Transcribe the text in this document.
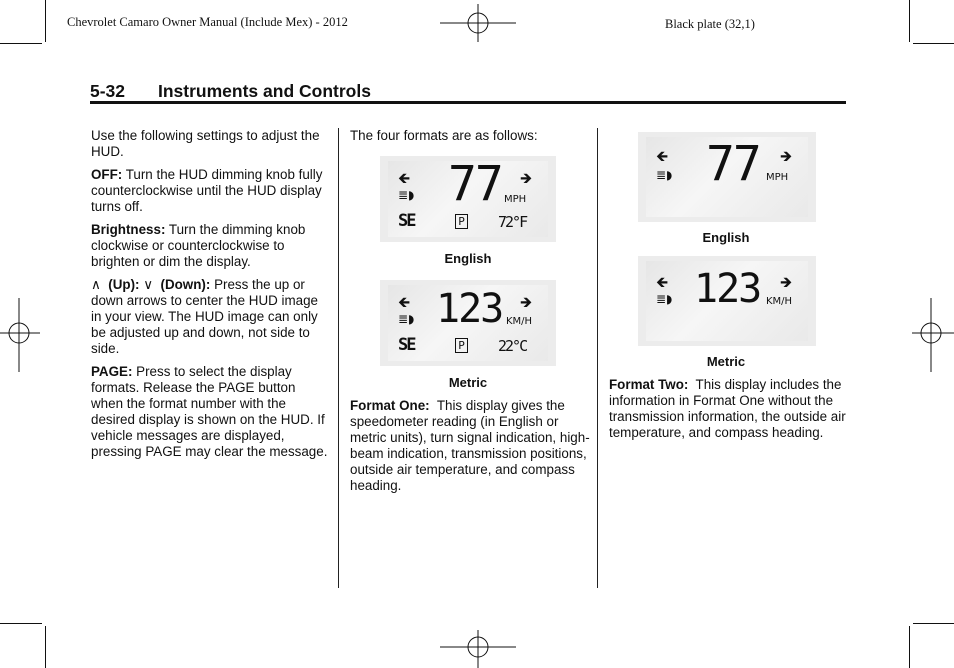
Chevrolet Camaro Owner Manual (Include Mex) - 2012	Black plate (32,1)
5-32 Instruments and Controls

Use the following settings to adjust the HUD.

OFF: Turn the HUD dimming knob fully counterclockwise until the HUD display turns off.

Brightness: Turn the dimming knob clockwise or counterclockwise to brighten or dim the display.

∧ (Up): ∨ (Down): Press the up or down arrows to center the HUD image in your view. The HUD image can only be adjusted up and down, not side to side.

PAGE: Press to select the display formats. Release the PAGE button when the format number with the desired display is shown on the HUD. If vehicle messages are displayed, pressing PAGE may clear the message.

The four formats are as follows:
🡸
≣◗ 77 MPH
🡺
SE	P 72°F
English
🡸
≣◗ 123 KM/H
🡺
SE	P 22°C
Metric
Format One: This display gives the speedometer reading (in English or metric units), turn signal indication, high-beam indication, transmission positions, outside air temperature, and compass heading.
🡸
≣◗ 77 MPH
🡺
English
🡸
≣◗ 123 KM/H
🡺
Metric
Format Two: This display includes the information in Format One without the transmission information, the outside air temperature, and compass heading.
